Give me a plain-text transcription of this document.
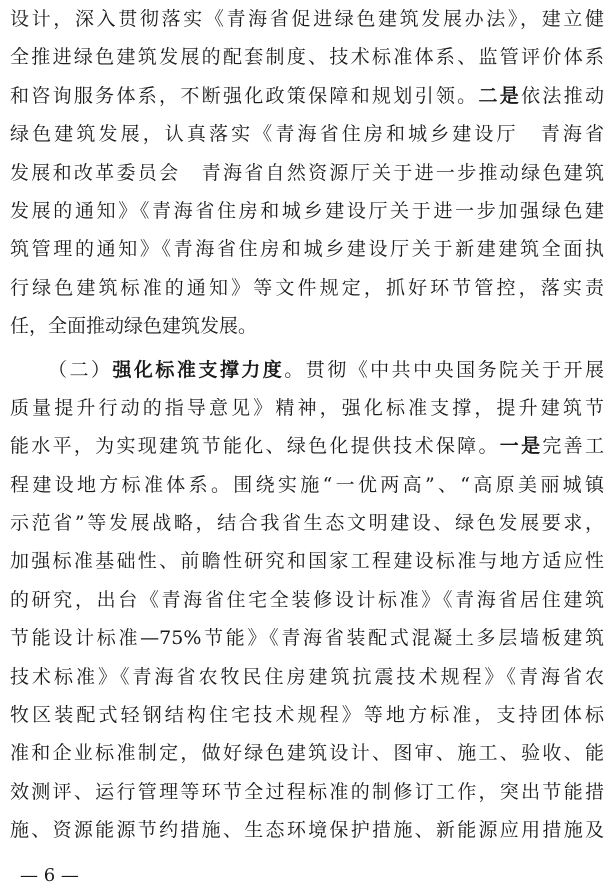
设计，深入贯彻落实《青海省促进绿色建筑发展办法》，建立健
全推进绿色建筑发展的配套制度、技术标准体系、监管评价体系
和咨询服务体系，不断强化政策保障和规划引领。二是依法推动
绿色建筑发展，认真落实《青海省住房和城乡建设厅　青海省
发展和改革委员会　青海省自然资源厅关于进一步推动绿色建筑
发展的通知》《青海省住房和城乡建设厅关于进一步加强绿色建
筑管理的通知》《青海省住房和城乡建设厅关于新建建筑全面执
行绿色建筑标准的通知》等文件规定，抓好环节管控，落实责
任，全面推动绿色建筑发展。
（二）强化标准支撑力度。贯彻《中共中央国务院关于开展
质量提升行动的指导意见》精神，强化标准支撑，提升建筑节
能水平，为实现建筑节能化、绿色化提供技术保障。一是完善工
程建设地方标准体系。围绕实施“一优两高”、“高原美丽城镇
示范省”等发展战略，结合我省生态文明建设、绿色发展要求，
加强标准基础性、前瞻性研究和国家工程建设标准与地方适应性
的研究，出台《青海省住宅全装修设计标准》《青海省居住建筑
节能设计标准—75%节能》《青海省装配式混凝土多层墙板建筑
技术标准》《青海省农牧民住房建筑抗震技术规程》《青海省农
牧区装配式轻钢结构住宅技术规程》等地方标准，支持团体标
准和企业标准制定，做好绿色建筑设计、图审、施工、验收、能
效测评、运行管理等环节全过程标准的制修订工作，突出节能措
施、资源能源节约措施、生态环境保护措施、新能源应用措施及
— 6 —
